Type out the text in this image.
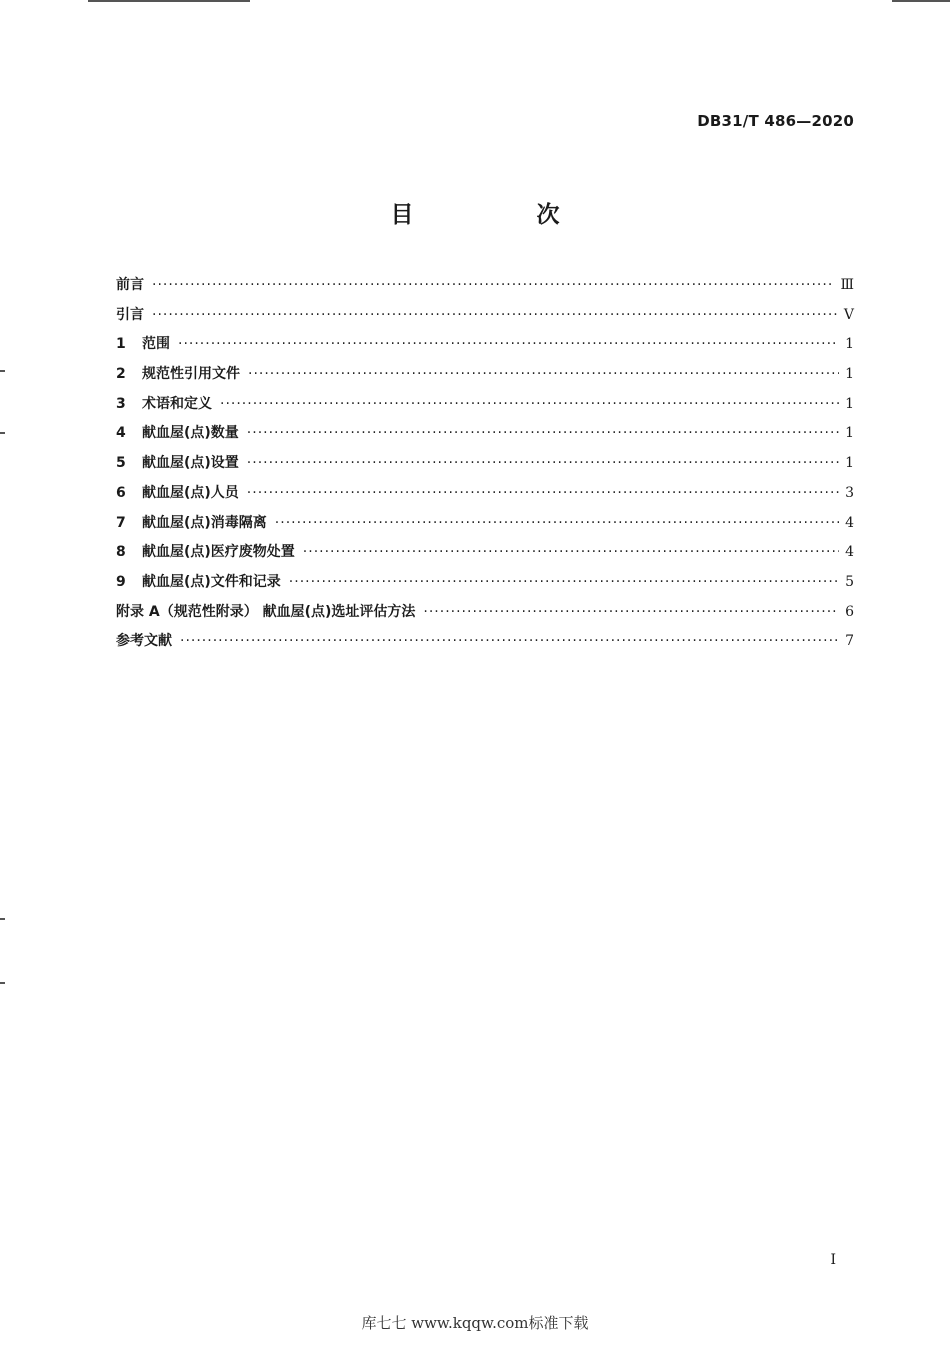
DB31/T 486—2020
目　次
前言 ·····	Ⅲ
引言 ·····	Ⅴ
1	范围 ·····	1
2	规范性引用文件 ·····	1
3	术语和定义 ·····	1
4	献血屋(点)数量 ·····	1
5	献血屋(点)设置 ·····	1
6	献血屋(点)人员 ·····	3
7	献血屋(点)消毒隔离 ·····	4
8	献血屋(点)医疗废物处置 ·····	4
9	献血屋(点)文件和记录 ·····	5
附录 A（规范性附录） 献血屋(点)选址评估方法 ·····	6
参考文献 ·····	7
I
库七七 www.kqqw.com标准下载
